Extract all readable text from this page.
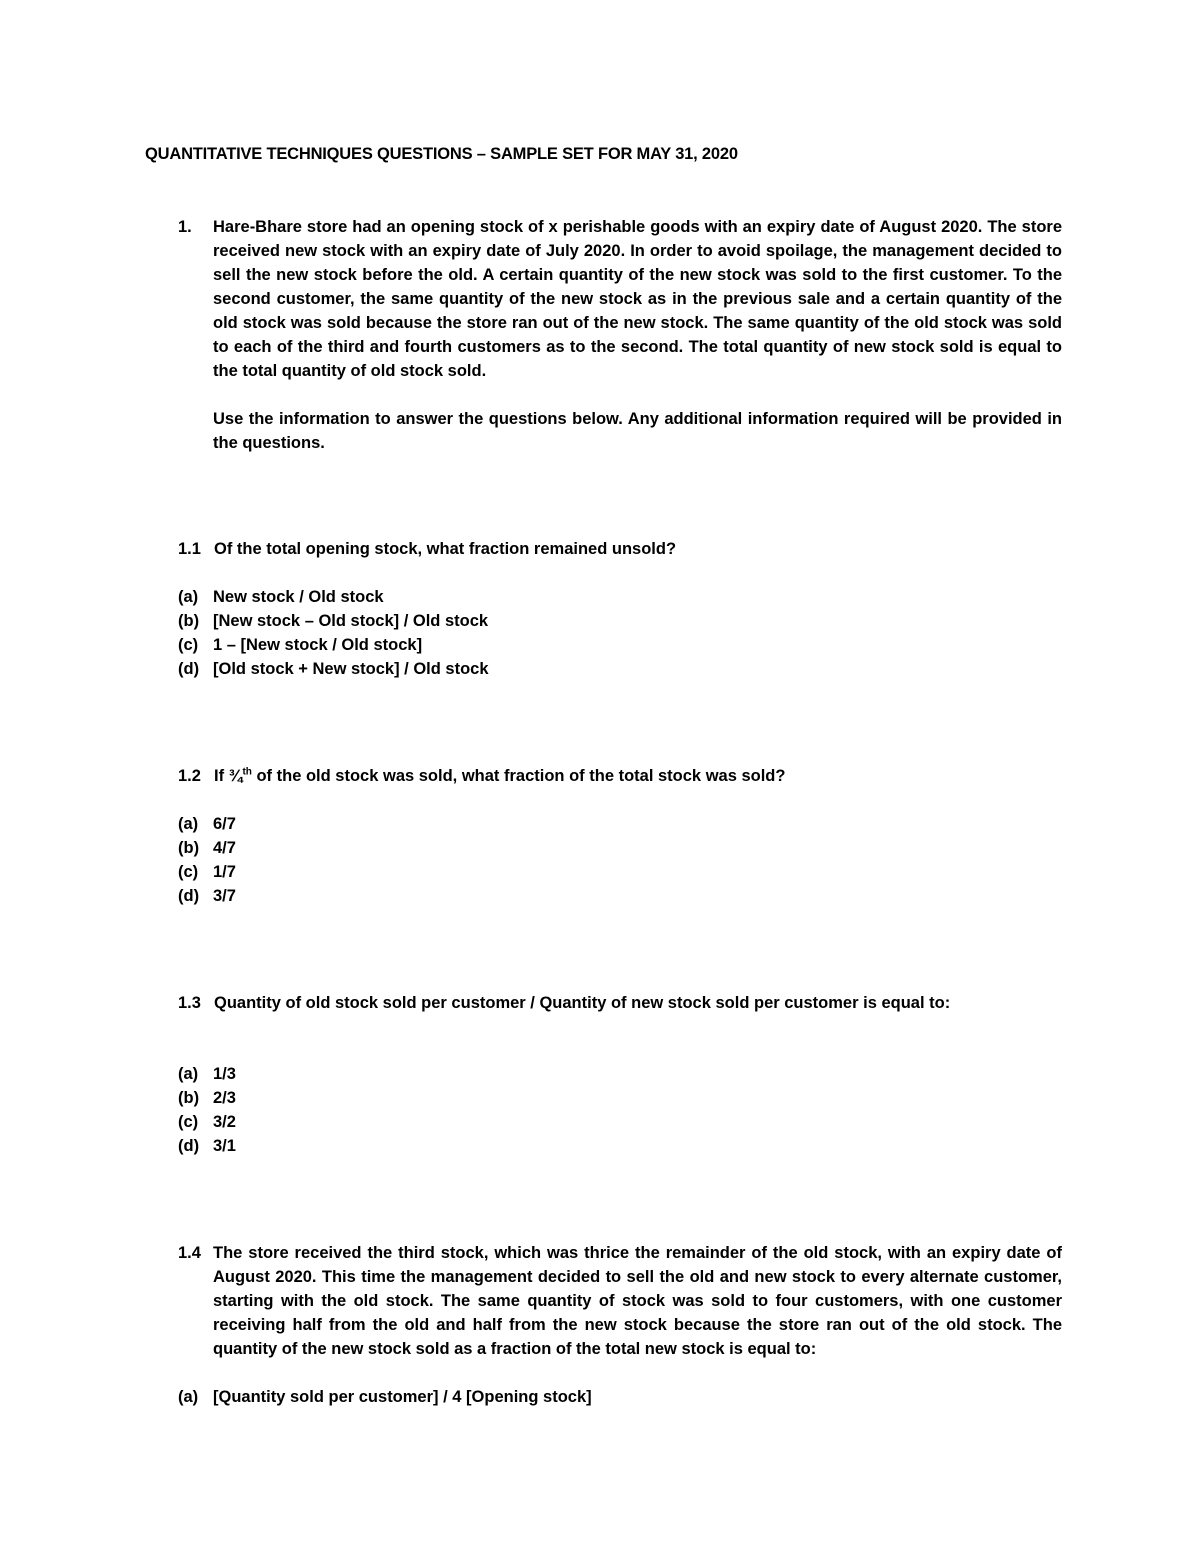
QUANTITATIVE TECHNIQUES QUESTIONS – SAMPLE SET FOR MAY 31, 2020
1. Hare-Bhare store had an opening stock of x perishable goods with an expiry date of August 2020. The store received new stock with an expiry date of July 2020. In order to avoid spoilage, the management decided to sell the new stock before the old. A certain quantity of the new stock was sold to the first customer. To the second customer, the same quantity of the new stock as in the previous sale and a certain quantity of the old stock was sold because the store ran out of the new stock. The same quantity of the old stock was sold to each of the third and fourth customers as to the second. The total quantity of new stock sold is equal to the total quantity of old stock sold.

Use the information to answer the questions below. Any additional information required will be provided in the questions.

1.1 Of the total opening stock, what fraction remained unsold?
(a) New stock / Old stock
(b) [New stock – Old stock] / Old stock
(c) 1 – [New stock / Old stock]
(d) [Old stock + New stock] / Old stock
1.2 If ¾$^{th}$ of the old stock was sold, what fraction of the total stock was sold?
(a) 6/7
(b) 4/7
(c) 1/7
(d) 3/7
1.3 Quantity of old stock sold per customer / Quantity of new stock sold per customer is equal to:
(a) 1/3
(b) 2/3
(c) 3/2
(d) 3/1
1.4 The store received the third stock, which was thrice the remainder of the old stock, with an expiry date of August 2020. This time the management decided to sell the old and new stock to every alternate customer, starting with the old stock. The same quantity of stock was sold to four customers, with one customer receiving half from the old and half from the new stock because the store ran out of the old stock. The quantity of the new stock sold as a fraction of the total new stock is equal to:
(a) [Quantity sold per customer] / 4 [Opening stock]
